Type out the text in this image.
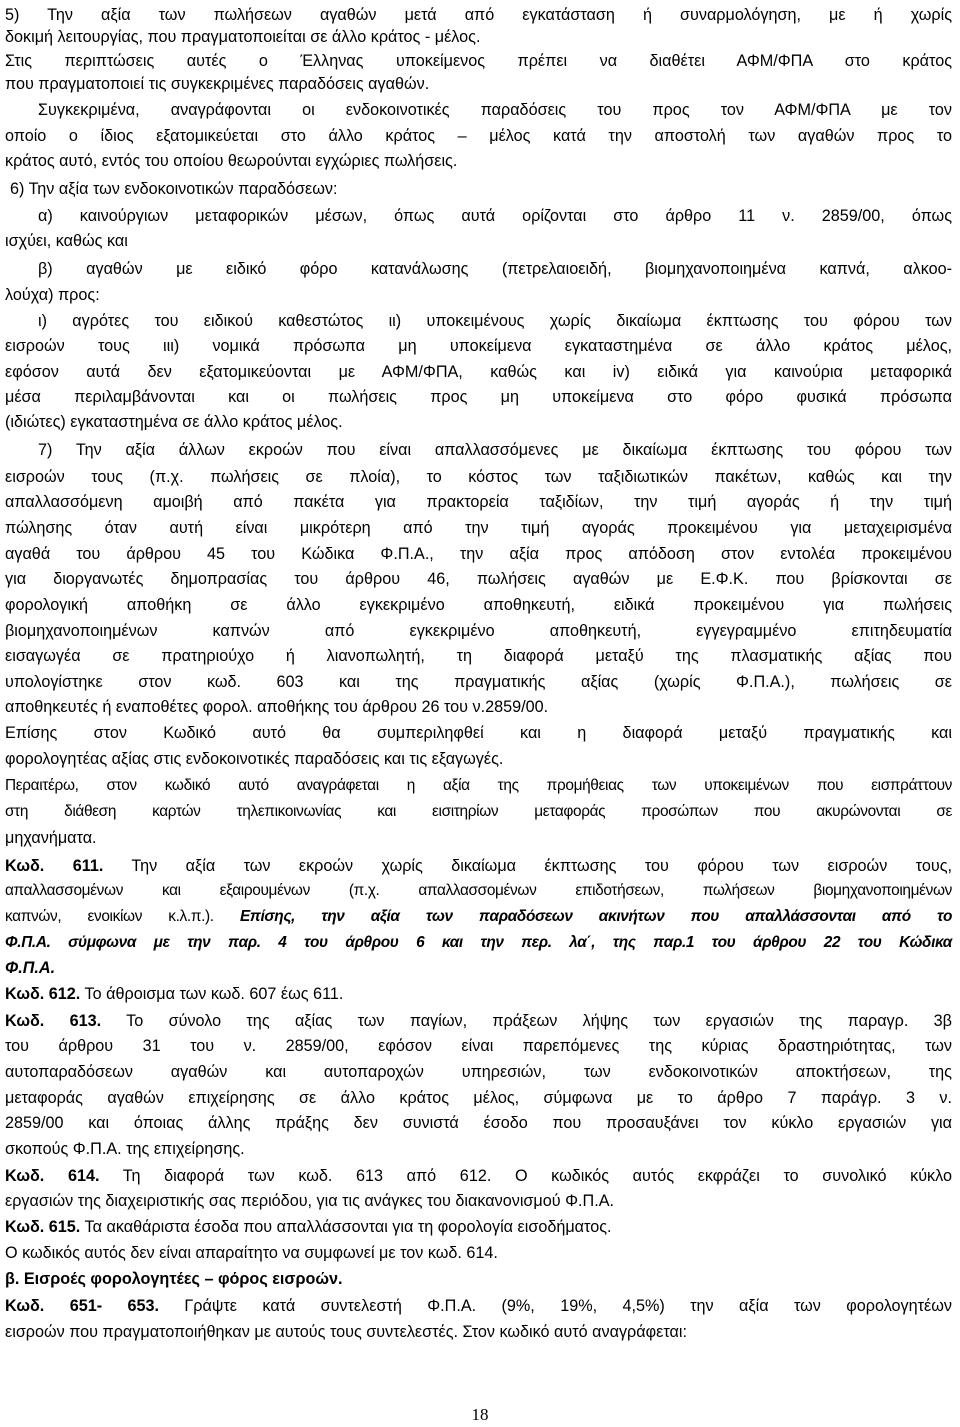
18
5) Την αξία των πωλήσεων αγαθών μετά από εγκατάσταση ή συναρμολόγηση, με ή χωρίς
δοκιμή λειτουργίας, που πραγματοποιείται σε άλλο κράτος - μέλος.
Στις περιπτώσεις αυτές ο Έλληνας υποκείμενος πρέπει να διαθέτει ΑΦΜ/ΦΠΑ στο κράτος
που πραγματοποιεί τις συγκεκριμένες παραδόσεις αγαθών.
Συγκεκριμένα, αναγράφονται οι ενδοκοινοτικές παραδόσεις του προς τον ΑΦΜ/ΦΠΑ με τον
οποίο ο ίδιος εξατομικεύεται στο άλλο κράτος – μέλος κατά την αποστολή των αγαθών προς το
κράτος αυτό, εντός του οποίου θεωρούνται εγχώριες πωλήσεις.
6) Την αξία των ενδοκοινοτικών παραδόσεων:
α) καινούργιων μεταφορικών μέσων, όπως αυτά ορίζονται στο άρθρο 11 ν. 2859/00, όπως
ισχύει, καθώς και
β) αγαθών με ειδικό φόρο κατανάλωσης (πετρελαιοειδή, βιομηχανοποιημένα καπνά, αλκοο-
λούχα) προς:
ι) αγρότες του ειδικού καθεστώτος ιι) υποκειμένους χωρίς δικαίωμα έκπτωσης του φόρου των
εισροών τους ιιι) νομικά πρόσωπα μη υποκείμενα εγκαταστημένα σε άλλο κράτος μέλος,
εφόσον αυτά δεν εξατομικεύονται με ΑΦΜ/ΦΠΑ, καθώς και iv) ειδικά για καινούρια μεταφορικά
μέσα περιλαμβάνονται και οι πωλήσεις προς μη υποκείμενα στο φόρο φυσικά πρόσωπα
(ιδιώτες) εγκαταστημένα σε άλλο κράτος μέλος.
7) Την αξία άλλων εκροών που είναι απαλλασσόμενες με δικαίωμα έκπτωσης του φόρου των
εισροών τους (π.χ. πωλήσεις σε πλοία), το κόστος των ταξιδιωτικών πακέτων, καθώς και την
απαλλασσόμενη αμοιβή από πακέτα για πρακτορεία ταξιδίων, την τιμή αγοράς ή την τιμή
πώλησης όταν αυτή είναι μικρότερη από την τιμή αγοράς προκειμένου για μεταχειρισμένα
αγαθά του άρθρου 45 του Κώδικα Φ.Π.Α., την αξία προς απόδοση στον εντολέα προκειμένου
για διοργανωτές δημοπρασίας του άρθρου 46, πωλήσεις αγαθών με Ε.Φ.Κ. που βρίσκονται σε
φορολογική αποθήκη σε άλλο εγκεκριμένο αποθηκευτή, ειδικά προκειμένου για πωλήσεις
βιομηχανοποιημένων καπνών από εγκεκριμένο αποθηκευτή, εγγεγραμμένο επιτηδευματία
εισαγωγέα σε πρατηριούχο ή λιανοπωλητή, τη διαφορά μεταξύ της πλασματικής αξίας που
υπολογίστηκε στον κωδ. 603 και της πραγματικής αξίας (χωρίς Φ.Π.Α.), πωλήσεις σε
αποθηκευτές ή εναποθέτες φορολ. αποθήκης του άρθρου 26 του ν.2859/00.
Επίσης στον Κωδικό αυτό θα συμπεριληφθεί και η διαφορά μεταξύ πραγματικής και
φορολογητέας αξίας στις ενδοκοινοτικές παραδόσεις και τις εξαγωγές.
Περαιτέρω, στον κωδικό αυτό αναγράφεται η αξία της προμήθειας των υποκειμένων που εισπράττουν
στη διάθεση καρτών τηλεπικοινωνίας και εισιτηρίων μεταφοράς προσώπων που ακυρώνονται σε
μηχανήματα.
Κωδ. 611. Την αξία των εκροών χωρίς δικαίωμα έκπτωσης του φόρου των εισροών τους,
απαλλασσομένων και εξαιρουμένων (π.χ. απαλλασσομένων επιδοτήσεων, πωλήσεων βιομηχανοποιημένων
καπνών, ενοικίων κ.λ.π.). Επίσης, την αξία των παραδόσεων ακινήτων που απαλλάσσονται από το
Φ.Π.Α. σύμφωνα με την παρ. 4 του άρθρου 6 και την περ. λα΄, της παρ.1 του άρθρου 22 του Κώδικα
Φ.Π.Α.
Κωδ. 612. Το άθροισμα των κωδ. 607 έως 611.
Κωδ. 613. Το σύνολο της αξίας των παγίων, πράξεων λήψης των εργασιών της παραγρ. 3β
του άρθρου 31 του ν. 2859/00, εφόσον είναι παρεπόμενες της κύριας δραστηριότητας, των
αυτοπαραδόσεων αγαθών και αυτοπαροχών υπηρεσιών, των ενδοκοινοτικών αποκτήσεων, της
μεταφοράς αγαθών επιχείρησης σε άλλο κράτος μέλος, σύμφωνα με το άρθρο 7 παράγρ. 3 ν.
2859/00 και όποιας άλλης πράξης δεν συνιστά έσοδο που προσαυξάνει τον κύκλο εργασιών για
σκοπούς Φ.Π.Α. της επιχείρησης.
Κωδ. 614. Τη διαφορά των κωδ. 613 από 612. Ο κωδικός αυτός εκφράζει το συνολικό κύκλο
εργασιών της διαχειριστικής σας περιόδου, για τις ανάγκες του διακανονισμού Φ.Π.Α.
Κωδ. 615. Τα ακαθάριστα έσοδα που απαλλάσσονται για τη φορολογία εισοδήματος.
Ο κωδικός αυτός δεν είναι απαραίτητο να συμφωνεί με τον κωδ. 614.
β. Εισροές φορολογητέες – φόρος εισροών.
Κωδ. 651- 653. Γράψτε κατά συντελεστή Φ.Π.Α. (9%, 19%, 4,5%) την αξία των φορολογητέων
εισροών που πραγματοποιήθηκαν με αυτούς τους συντελεστές. Στον κωδικό αυτό αναγράφεται:
